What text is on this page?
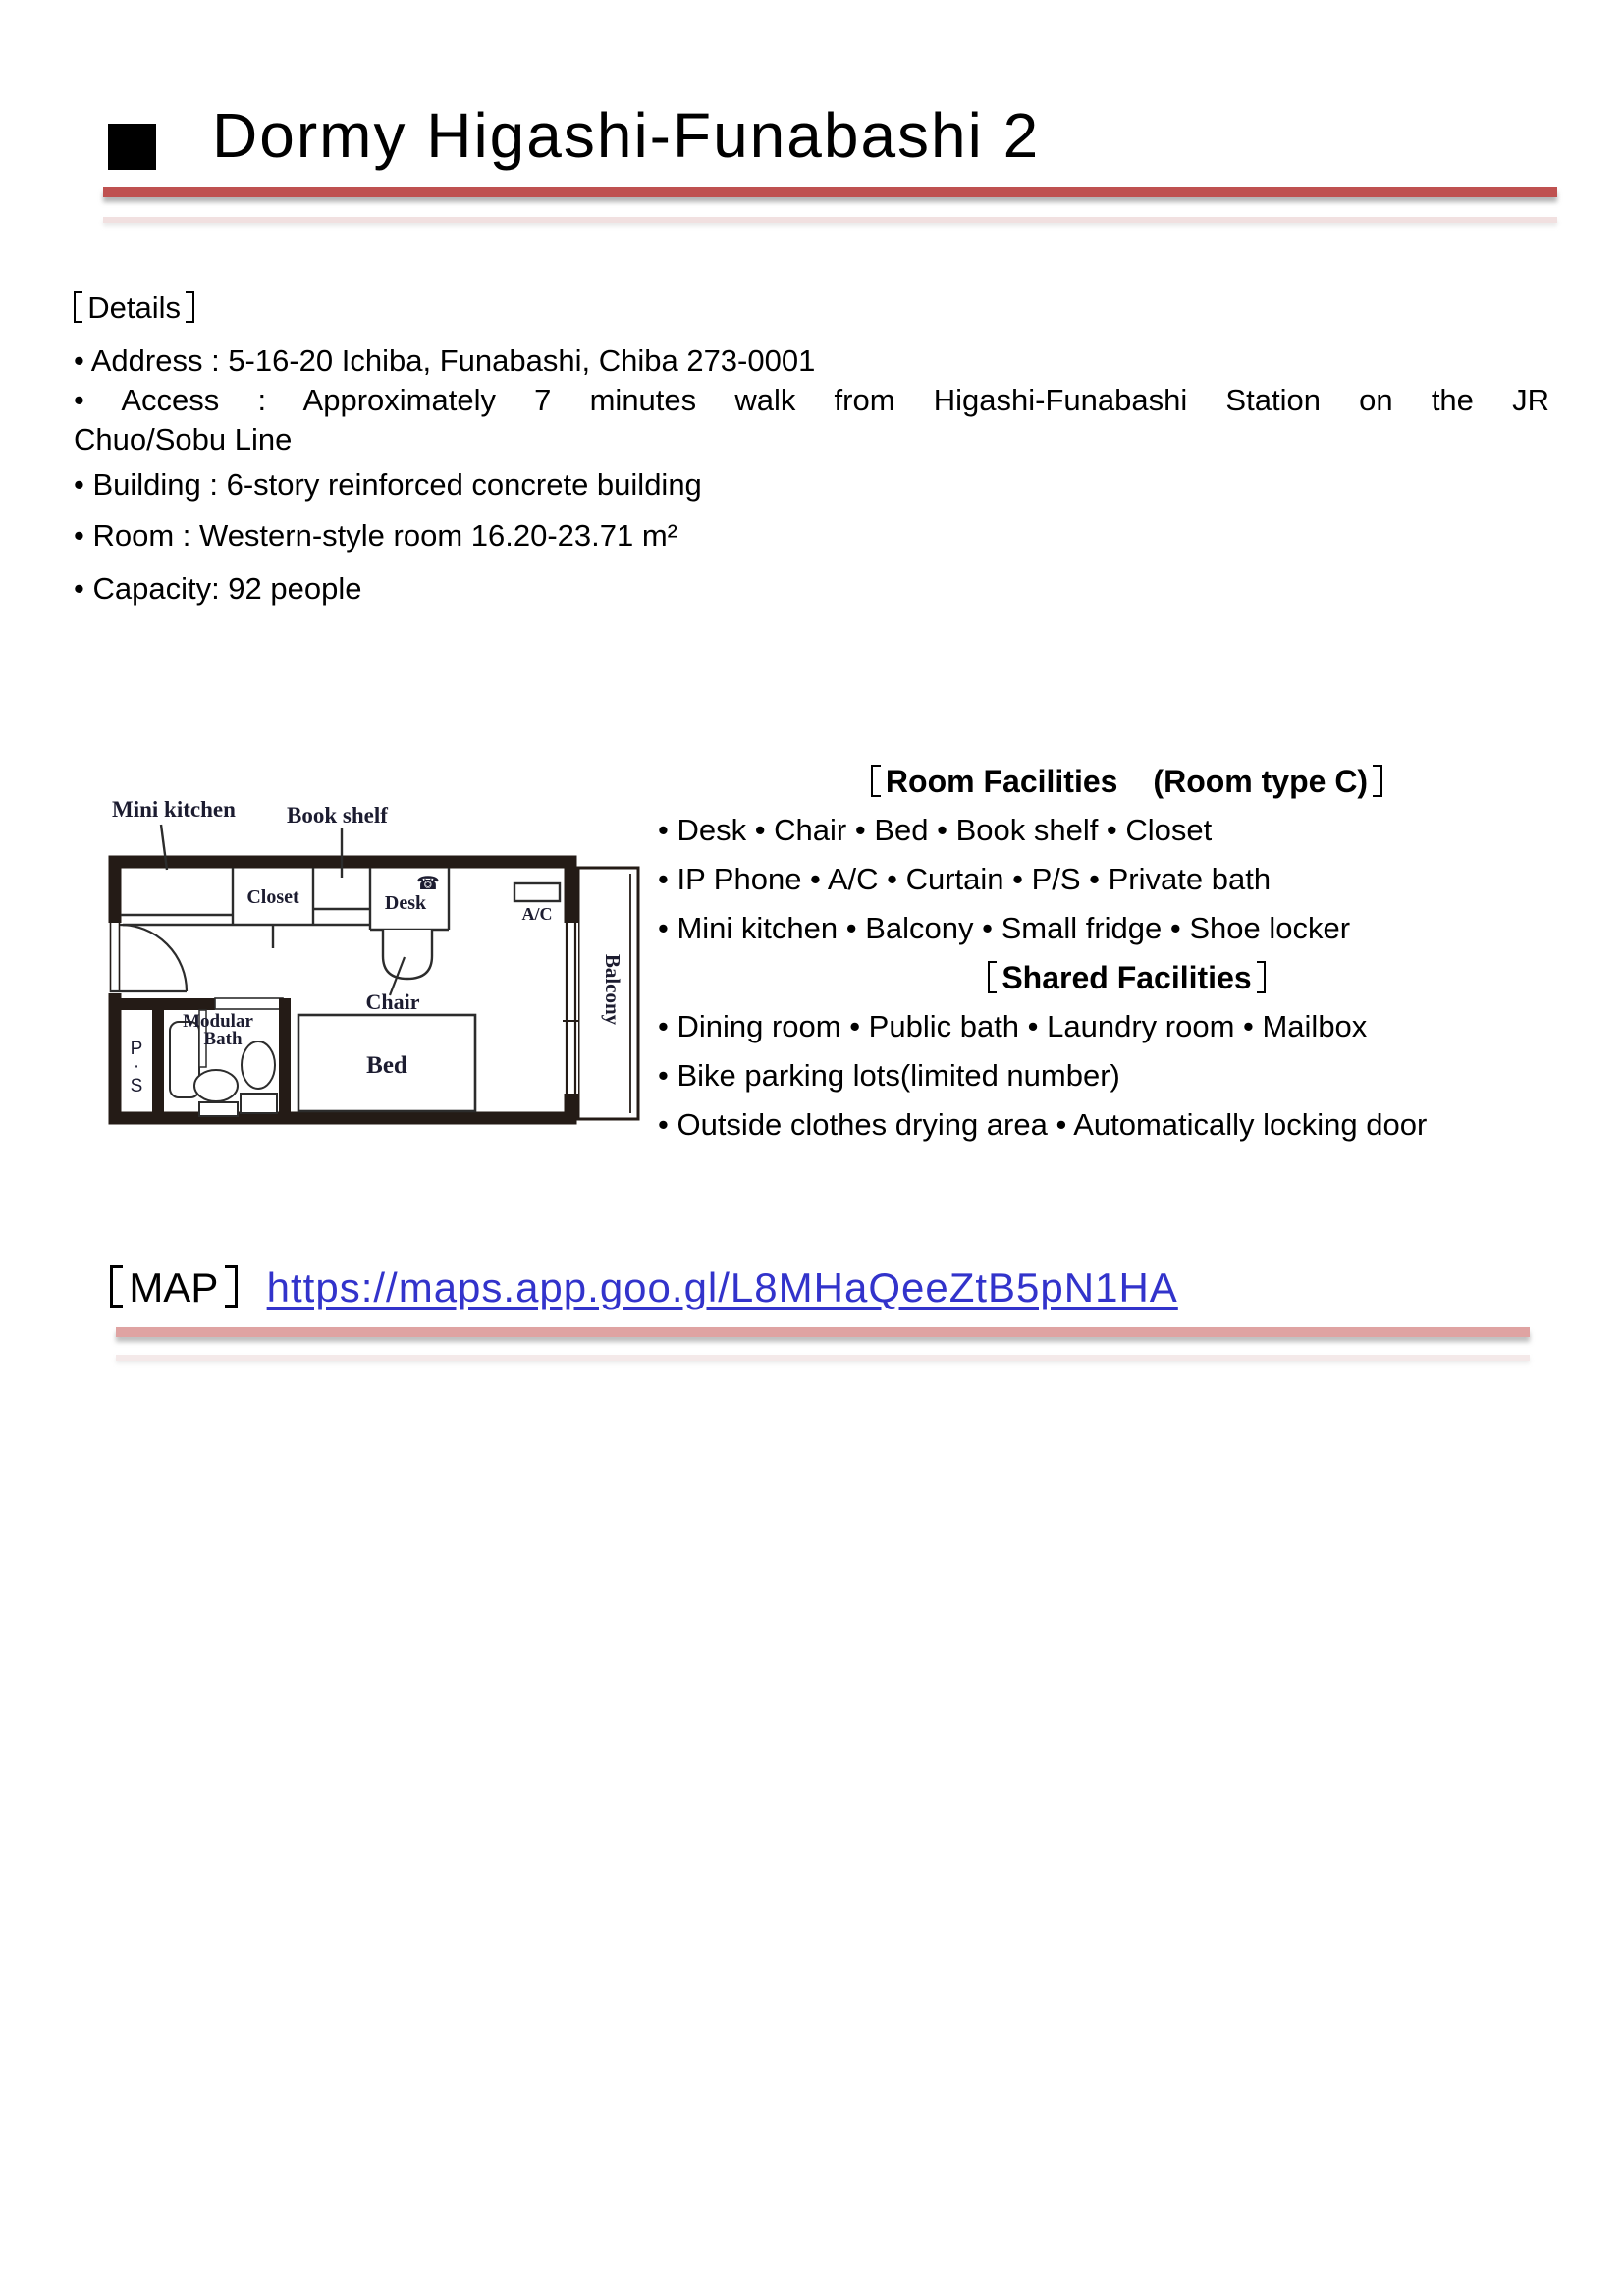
Dormy Higashi-Funabashi 2
Details
• Address : 5-16-20 Ichiba, Funabashi, Chiba 273-0001
• Access : Approximately 7 minutes walk from Higashi-Funabashi Station on the JR
Chuo/Sobu Line
• Building : 6-story reinforced concrete building
• Room : Western-style room 16.20-23.71 m²
• Capacity: 92 people
Mini kitchen Book shelf
Closet	Desk
☎
A/C
Balcony
Chair
P
·
S
Modular
Bath
Bed
Room Facilities (Room type C)
• Desk • Chair • Bed • Book shelf • Closet
• IP Phone • A/C • Curtain • P/S • Private bath
• Mini kitchen • Balcony • Small fridge • Shoe locker
Shared Facilities
• Dining room • Public bath • Laundry room • Mailbox
• Bike parking lots(limited number)
• Outside clothes drying area • Automatically locking door
MAP https://maps.app.goo.gl/L8MHaQeeZtB5pN1HA
